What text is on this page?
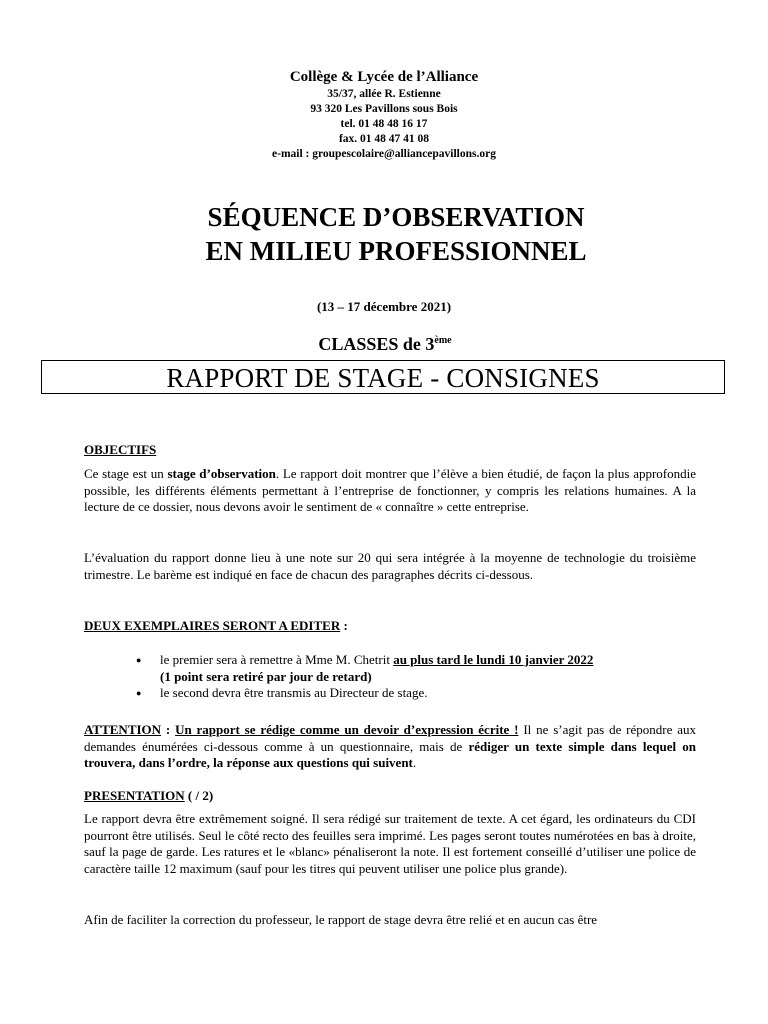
Collège & Lycée de l’Alliance
35/37, allée R. Estienne
93 320 Les Pavillons sous Bois
tel. 01 48 48 16 17
fax. 01 48 47 41 08
e-mail : groupescolaire@alliancepavillons.org
SÉQUENCE D’OBSERVATION
EN MILIEU PROFESSIONNEL
(13 – 17 décembre 2021)
CLASSES de 3ème
RAPPORT DE STAGE - CONSIGNES
OBJECTIFS
Ce stage est un stage d’observation. Le rapport doit montrer que l’élève a bien étudié, de façon la plus approfondie possible, les différents éléments permettant à l’entreprise de fonctionner, y compris les relations humaines. A la lecture de ce dossier, nous devons avoir le sentiment de « connaître » cette entreprise.
L’évaluation du rapport donne lieu à une note sur 20 qui sera intégrée à la moyenne de technologie du troisième trimestre. Le barème est indiqué en face de chacun des paragraphes décrits ci-dessous.
DEUX EXEMPLAIRES SERONT A EDITER :
● le premier sera à remettre à Mme M. Chetrit au plus tard le lundi 10 janvier 2022
(1 point sera retiré par jour de retard)
● le second devra être transmis au Directeur de stage.
ATTENTION : Un rapport se rédige comme un devoir d’expression écrite ! Il ne s’agit pas de répondre aux demandes énumérées ci-dessous comme à un questionnaire, mais de rédiger un texte simple dans lequel on trouvera, dans l’ordre, la réponse aux questions qui suivent.
PRESENTATION ( / 2)
Le rapport devra être extrêmement soigné. Il sera rédigé sur traitement de texte. A cet égard, les ordinateurs du CDI pourront être utilisés. Seul le côté recto des feuilles sera imprimé. Les pages seront toutes numérotées en bas à droite, sauf la page de garde. Les ratures et le «blanc» pénaliseront la note. Il est fortement conseillé d’utiliser une police de caractère taille 12 maximum (sauf pour les titres qui peuvent utiliser une police plus grande).
Afin de faciliter la correction du professeur, le rapport de stage devra être relié et en aucun cas être
